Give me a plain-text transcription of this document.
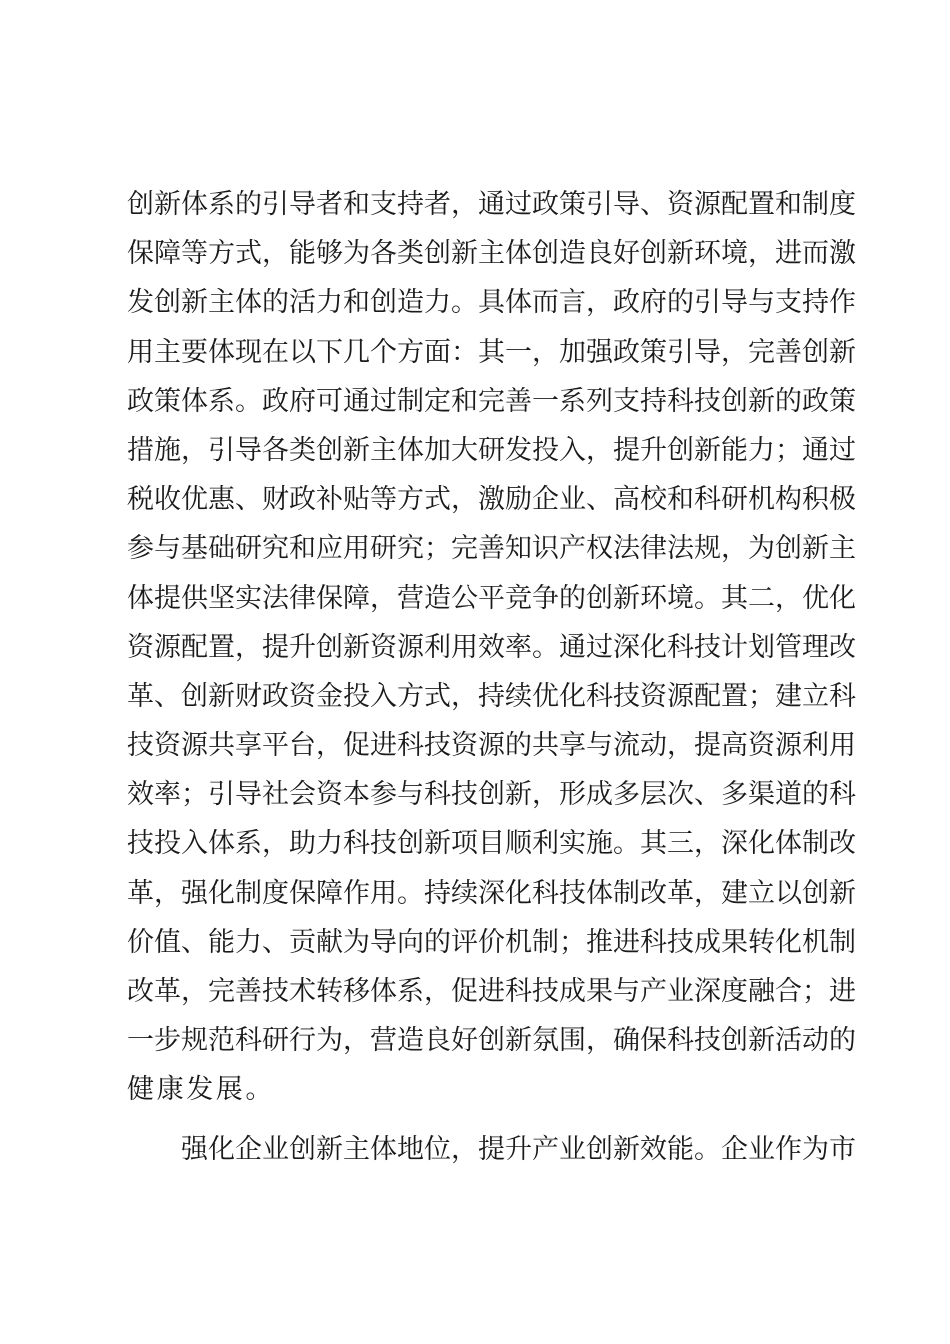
创新体系的引导者和支持者，通过政策引导、资源配置和制度
保障等方式，能够为各类创新主体创造良好创新环境，进而激
发创新主体的活力和创造力。具体而言，政府的引导与支持作
用主要体现在以下几个方面：其一，加强政策引导，完善创新
政策体系。政府可通过制定和完善一系列支持科技创新的政策
措施，引导各类创新主体加大研发投入，提升创新能力；通过
税收优惠、财政补贴等方式，激励企业、高校和科研机构积极
参与基础研究和应用研究；完善知识产权法律法规，为创新主
体提供坚实法律保障，营造公平竞争的创新环境。其二，优化
资源配置，提升创新资源利用效率。通过深化科技计划管理改
革、创新财政资金投入方式，持续优化科技资源配置；建立科
技资源共享平台，促进科技资源的共享与流动，提高资源利用
效率；引导社会资本参与科技创新，形成多层次、多渠道的科
技投入体系，助力科技创新项目顺利实施。其三，深化体制改
革，强化制度保障作用。持续深化科技体制改革，建立以创新
价值、能力、贡献为导向的评价机制；推进科技成果转化机制
改革，完善技术转移体系，促进科技成果与产业深度融合；进
一步规范科研行为，营造良好创新氛围，确保科技创新活动的
健康发展。
强化企业创新主体地位，提升产业创新效能。企业作为市
